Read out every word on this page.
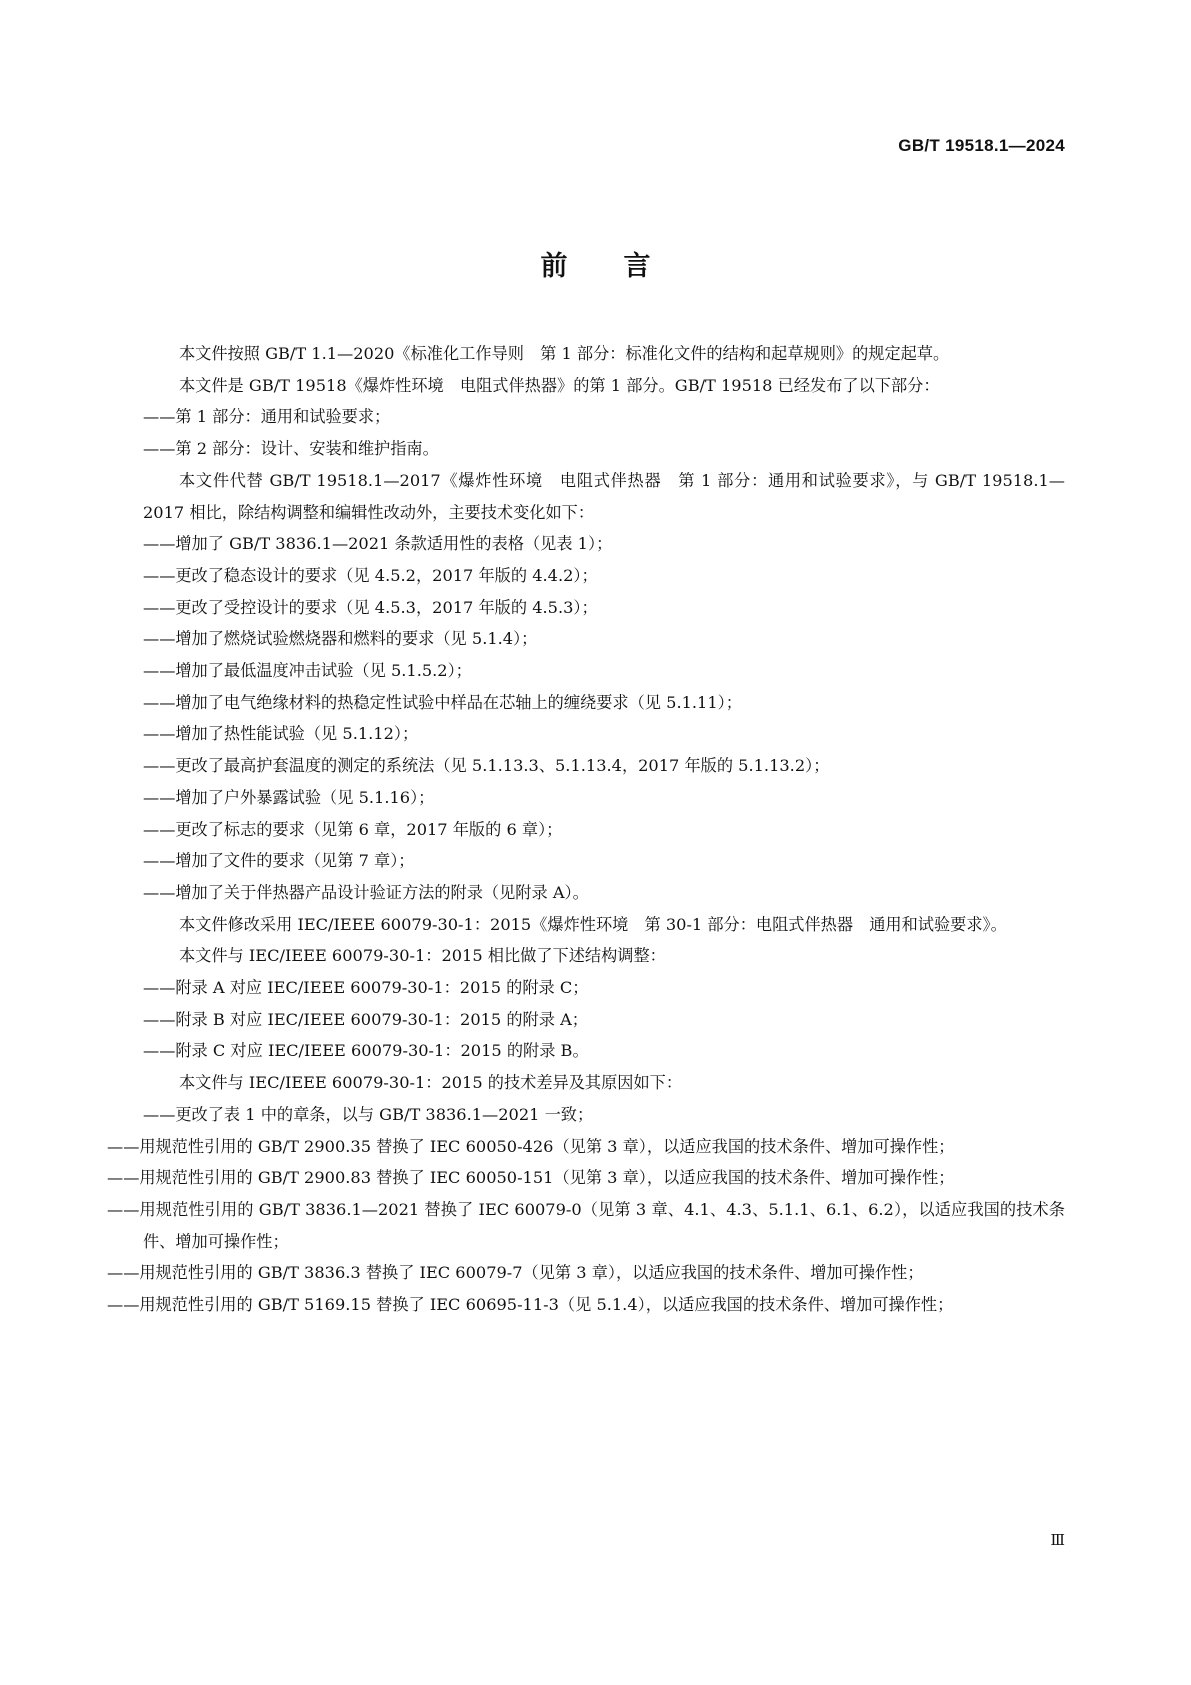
GB/T 19518.1—2024
前言

本文件按照 GB/T 1.1—2020《标准化工作导则　第 1 部分：标准化文件的结构和起草规则》的规定起草。

本文件是 GB/T 19518《爆炸性环境　电阻式伴热器》的第 1 部分。GB/T 19518 已经发布了以下部分：

——第 1 部分：通用和试验要求；

——第 2 部分：设计、安装和维护指南。

本文件代替 GB/T 19518.1—2017《爆炸性环境　电阻式伴热器　第 1 部分：通用和试验要求》，与 GB/T 19518.1—2017 相比，除结构调整和编辑性改动外，主要技术变化如下：

——增加了 GB/T 3836.1—2021 条款适用性的表格（见表 1）；

——更改了稳态设计的要求（见 4.5.2，2017 年版的 4.4.2）；

——更改了受控设计的要求（见 4.5.3，2017 年版的 4.5.3）；

——增加了燃烧试验燃烧器和燃料的要求（见 5.1.4）；

——增加了最低温度冲击试验（见 5.1.5.2）；

——增加了电气绝缘材料的热稳定性试验中样品在芯轴上的缠绕要求（见 5.1.11）；

——增加了热性能试验（见 5.1.12）；

——更改了最高护套温度的测定的系统法（见 5.1.13.3、5.1.13.4，2017 年版的 5.1.13.2）；

——增加了户外暴露试验（见 5.1.16）；

——更改了标志的要求（见第 6 章，2017 年版的 6 章）；

——增加了文件的要求（见第 7 章）；

——增加了关于伴热器产品设计验证方法的附录（见附录 A）。

本文件修改采用 IEC/IEEE 60079-30-1：2015《爆炸性环境　第 30-1 部分：电阻式伴热器　通用和试验要求》。

本文件与 IEC/IEEE 60079-30-1：2015 相比做了下述结构调整：

——附录 A 对应 IEC/IEEE 60079-30-1：2015 的附录 C；

——附录 B 对应 IEC/IEEE 60079-30-1：2015 的附录 A；

——附录 C 对应 IEC/IEEE 60079-30-1：2015 的附录 B。

本文件与 IEC/IEEE 60079-30-1：2015 的技术差异及其原因如下：

——更改了表 1 中的章条，以与 GB/T 3836.1—2021 一致；

——用规范性引用的 GB/T 2900.35 替换了 IEC 60050-426（见第 3 章），以适应我国的技术条件、增加可操作性；

——用规范性引用的 GB/T 2900.83 替换了 IEC 60050-151（见第 3 章），以适应我国的技术条件、增加可操作性；

——用规范性引用的 GB/T 3836.1—2021 替换了 IEC 60079-0（见第 3 章、4.1、4.3、5.1.1、6.1、6.2），以适应我国的技术条件、增加可操作性；

——用规范性引用的 GB/T 3836.3 替换了 IEC 60079-7（见第 3 章），以适应我国的技术条件、增加可操作性；

——用规范性引用的 GB/T 5169.15 替换了 IEC 60695-11-3（见 5.1.4），以适应我国的技术条件、增加可操作性；

Ⅲ
